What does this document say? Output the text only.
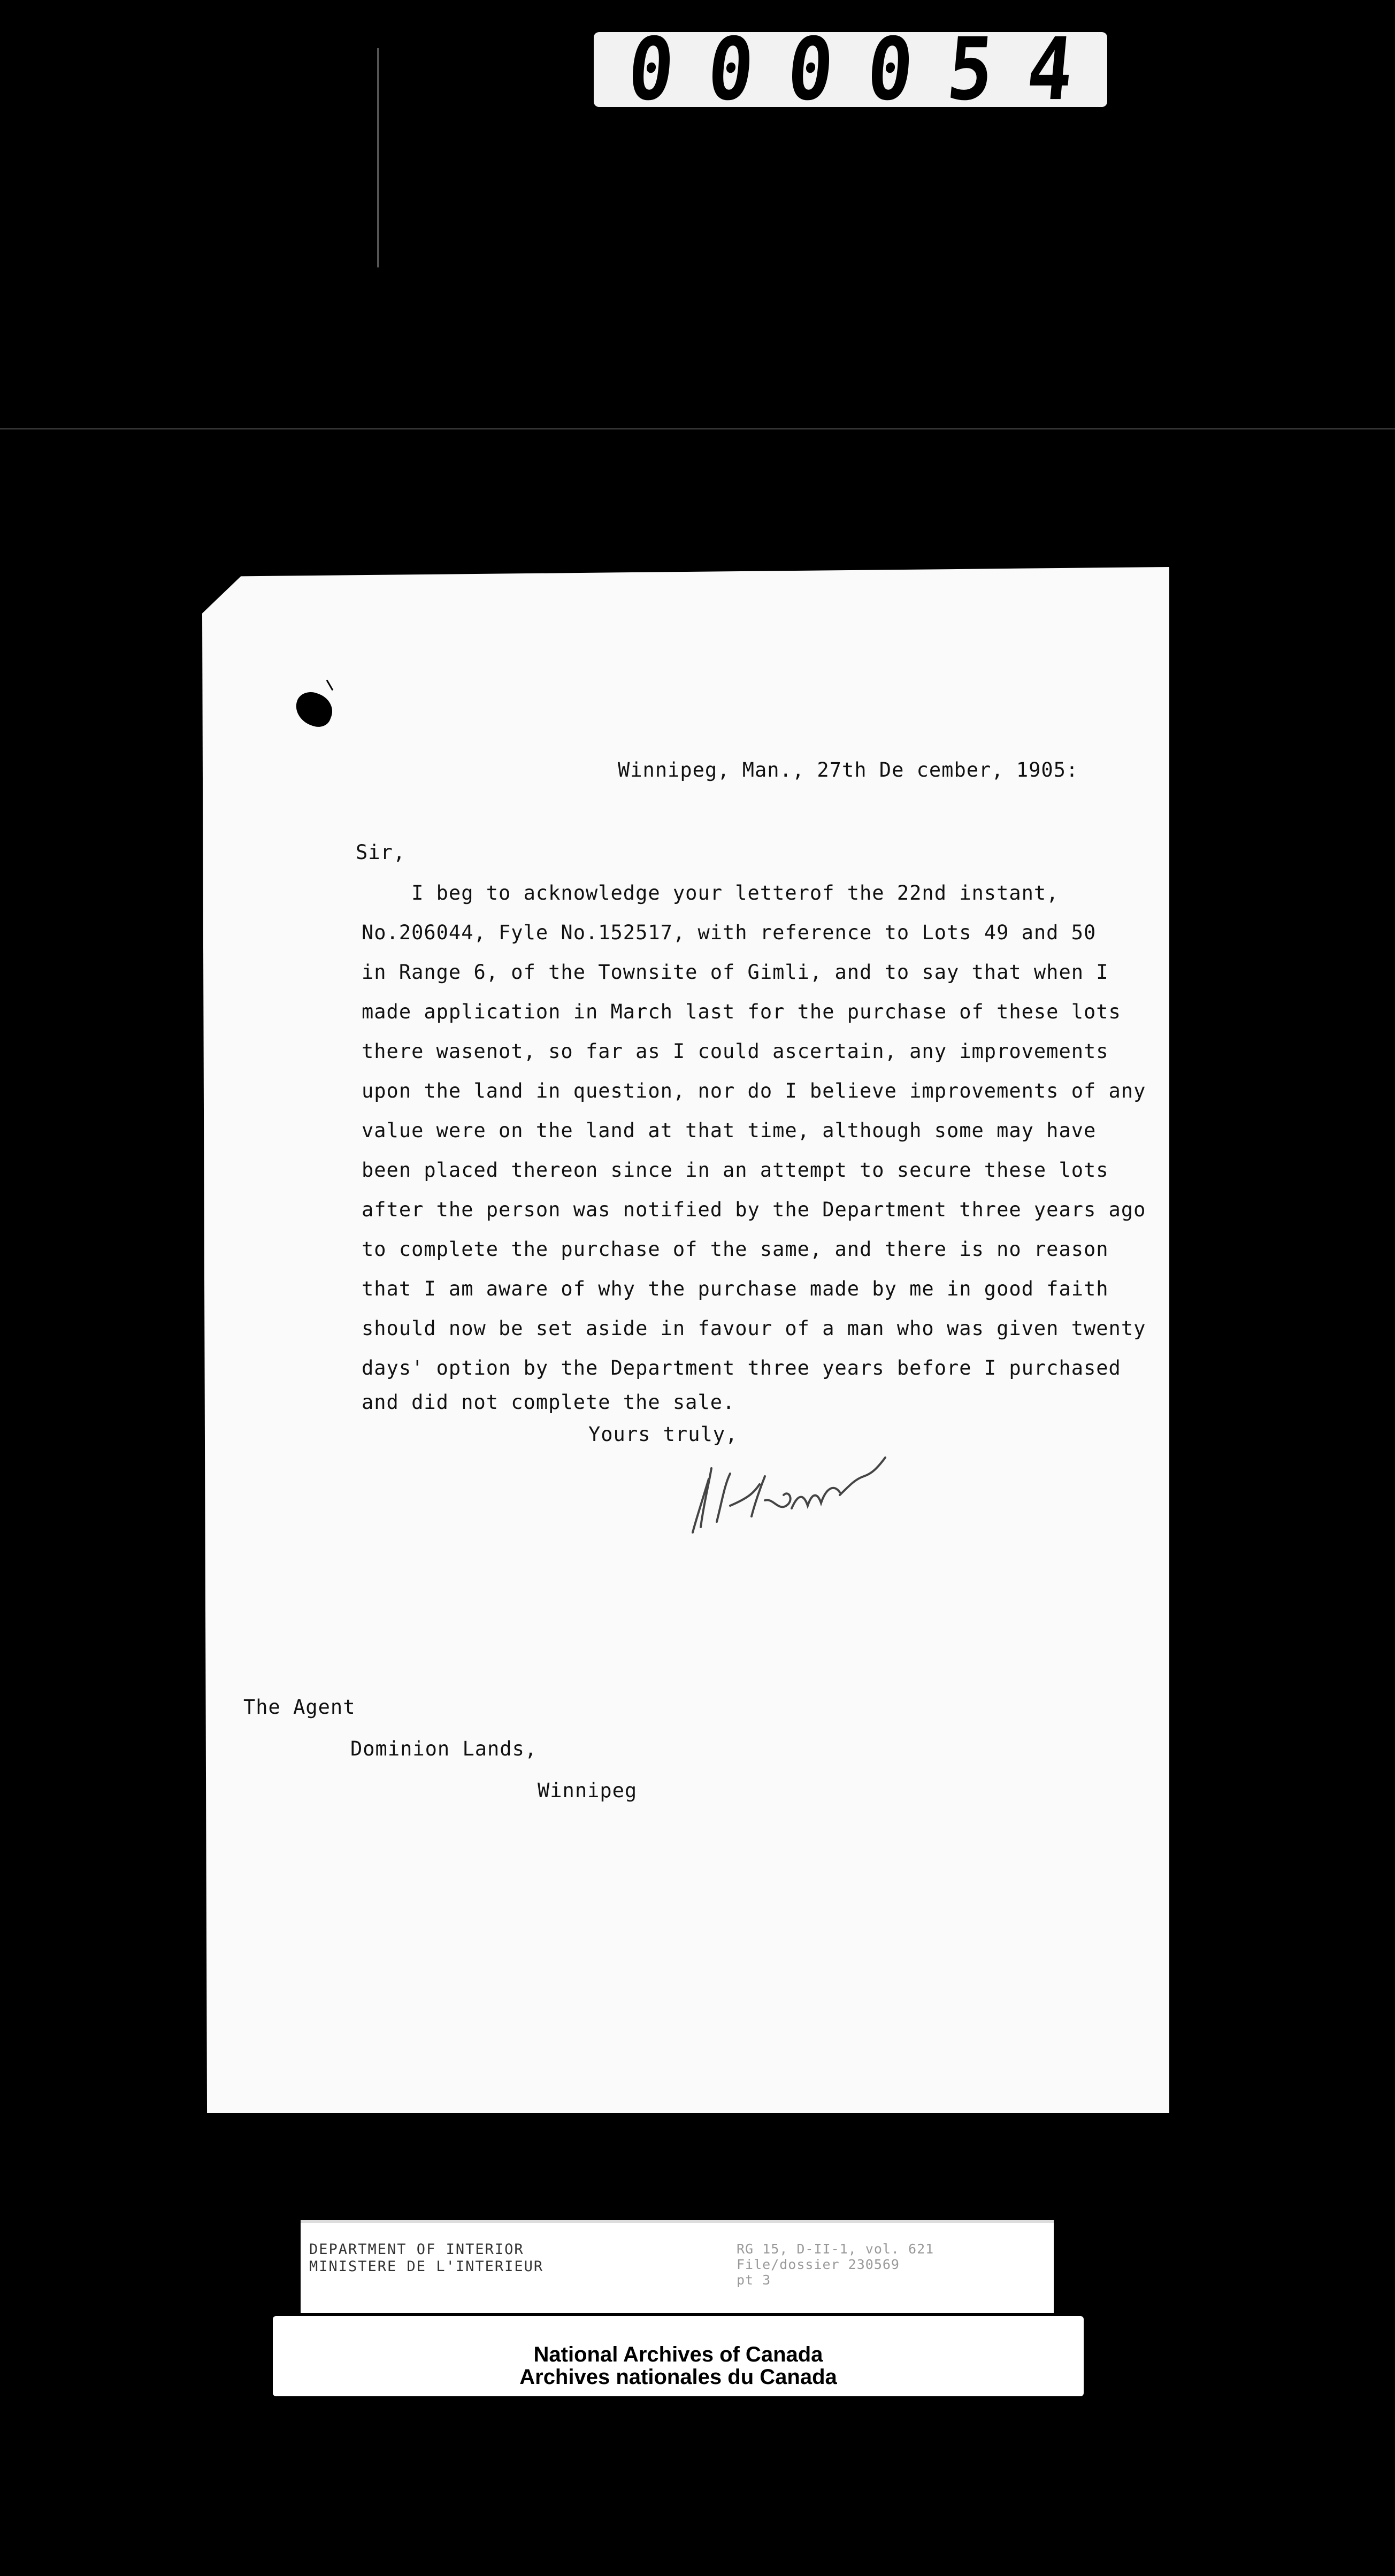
0 0 0 0 5 4
Winnipeg, Man., 27th De cember, 1905:
Sir,
I beg to acknowledge your letterof the 22nd instant,
No.206044, Fyle No.152517, with reference to Lots 49 and 50
in Range 6, of the Townsite of Gimli, and to say that when I
made application in March last for the purchase of these lots
there wasenot, so far as I could ascertain, any improvements
upon the land in question, nor do I believe improvements of any
value were on the land at that time, although some may have
been placed thereon since in an attempt to secure these lots
after the person was notified by the Department three years ago
to complete the purchase of the same, and there is no reason
that I am aware of why the purchase made by me in good faith
should now be set aside in favour of a man who was given twenty
days' option by the Department three years before I purchased
and did not complete the sale.
Yours truly,
The Agent
Dominion Lands,
Winnipeg
DEPARTMENT OF INTERIOR
MINISTERE DE L'INTERIEUR
RG 15, D-II-1, vol. 621
File/dossier 230569
pt 3
National Archives of Canada
Archives nationales du Canada
